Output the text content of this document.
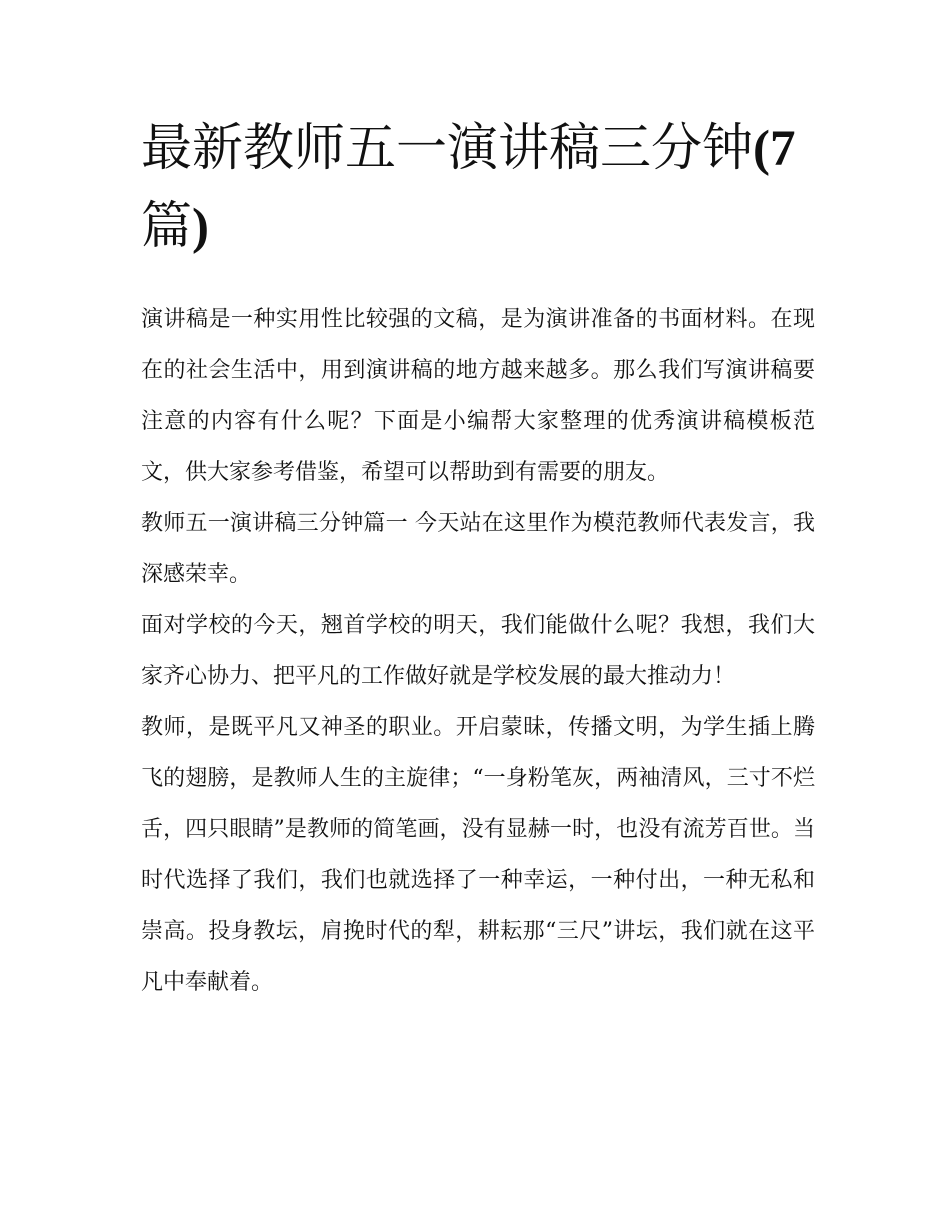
最新教师五一演讲稿三分钟(7
篇)

演讲稿是一种实用性比较强的文稿，是为演讲准备的书面材料。在现在的社会生活中，用到演讲稿的地方越来越多。那么我们写演讲稿要注意的内容有什么呢？下面是小编帮大家整理的优秀演讲稿模板范文，供大家参考借鉴，希望可以帮助到有需要的朋友。

教师五一演讲稿三分钟篇一 今天站在这里作为模范教师代表发言，我深感荣幸。

面对学校的今天，翘首学校的明天，我们能做什么呢？我想，我们大家齐心协力、把平凡的工作做好就是学校发展的最大推动力！

教师，是既平凡又神圣的职业。开启蒙昧，传播文明，为学生插上腾飞的翅膀，是教师人生的主旋律；“一身粉笔灰，两袖清风，三寸不烂舌，四只眼睛”是教师的简笔画，没有显赫一时，也没有流芳百世。当时代选择了我们，我们也就选择了一种幸运，一种付出，一种无私和崇高。投身教坛，肩挽时代的犁，耕耘那“三尺”讲坛，我们就在这平凡中奉献着。
